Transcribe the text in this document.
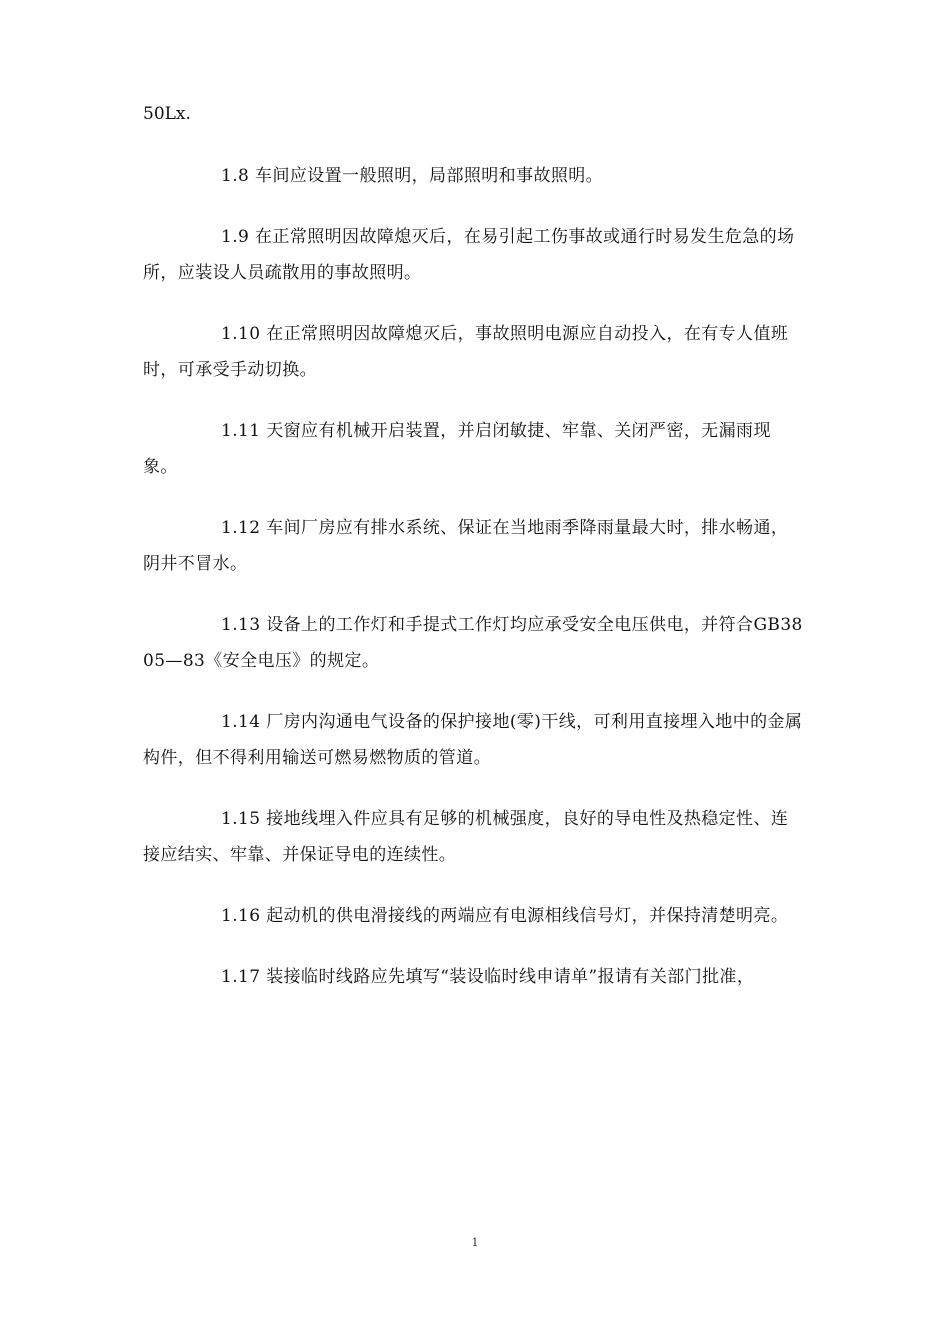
50Lx.

1.8 车间应设置一般照明，局部照明和事故照明。

1.9 在正常照明因故障熄灭后，在易引起工伤事故或通行时易发生危急的场所，应装设人员疏散用的事故照明。

1.10 在正常照明因故障熄灭后，事故照明电源应自动投入，在有专人值班时，可承受手动切换。

1.11 天窗应有机械开启装置，并启闭敏捷、牢靠、关闭严密，无漏雨现象。

1.12 车间厂房应有排水系统、保证在当地雨季降雨量最大时，排水畅通，阴井不冒水。

1.13 设备上的工作灯和手提式工作灯均应承受安全电压供电，并符合GB3805—83《安全电压》的规定。

1.14 厂房内沟通电气设备的保护接地(零)干线，可利用直接埋入地中的金属构件，但不得利用输送可燃易燃物质的管道。

1.15 接地线埋入件应具有足够的机械强度，良好的导电性及热稳定性、连接应结实、牢靠、并保证导电的连续性。

1.16 起动机的供电滑接线的两端应有电源相线信号灯，并保持清楚明亮。

1.17 装接临时线路应先填写“装设临时线申请单”报请有关部门批准，

1
